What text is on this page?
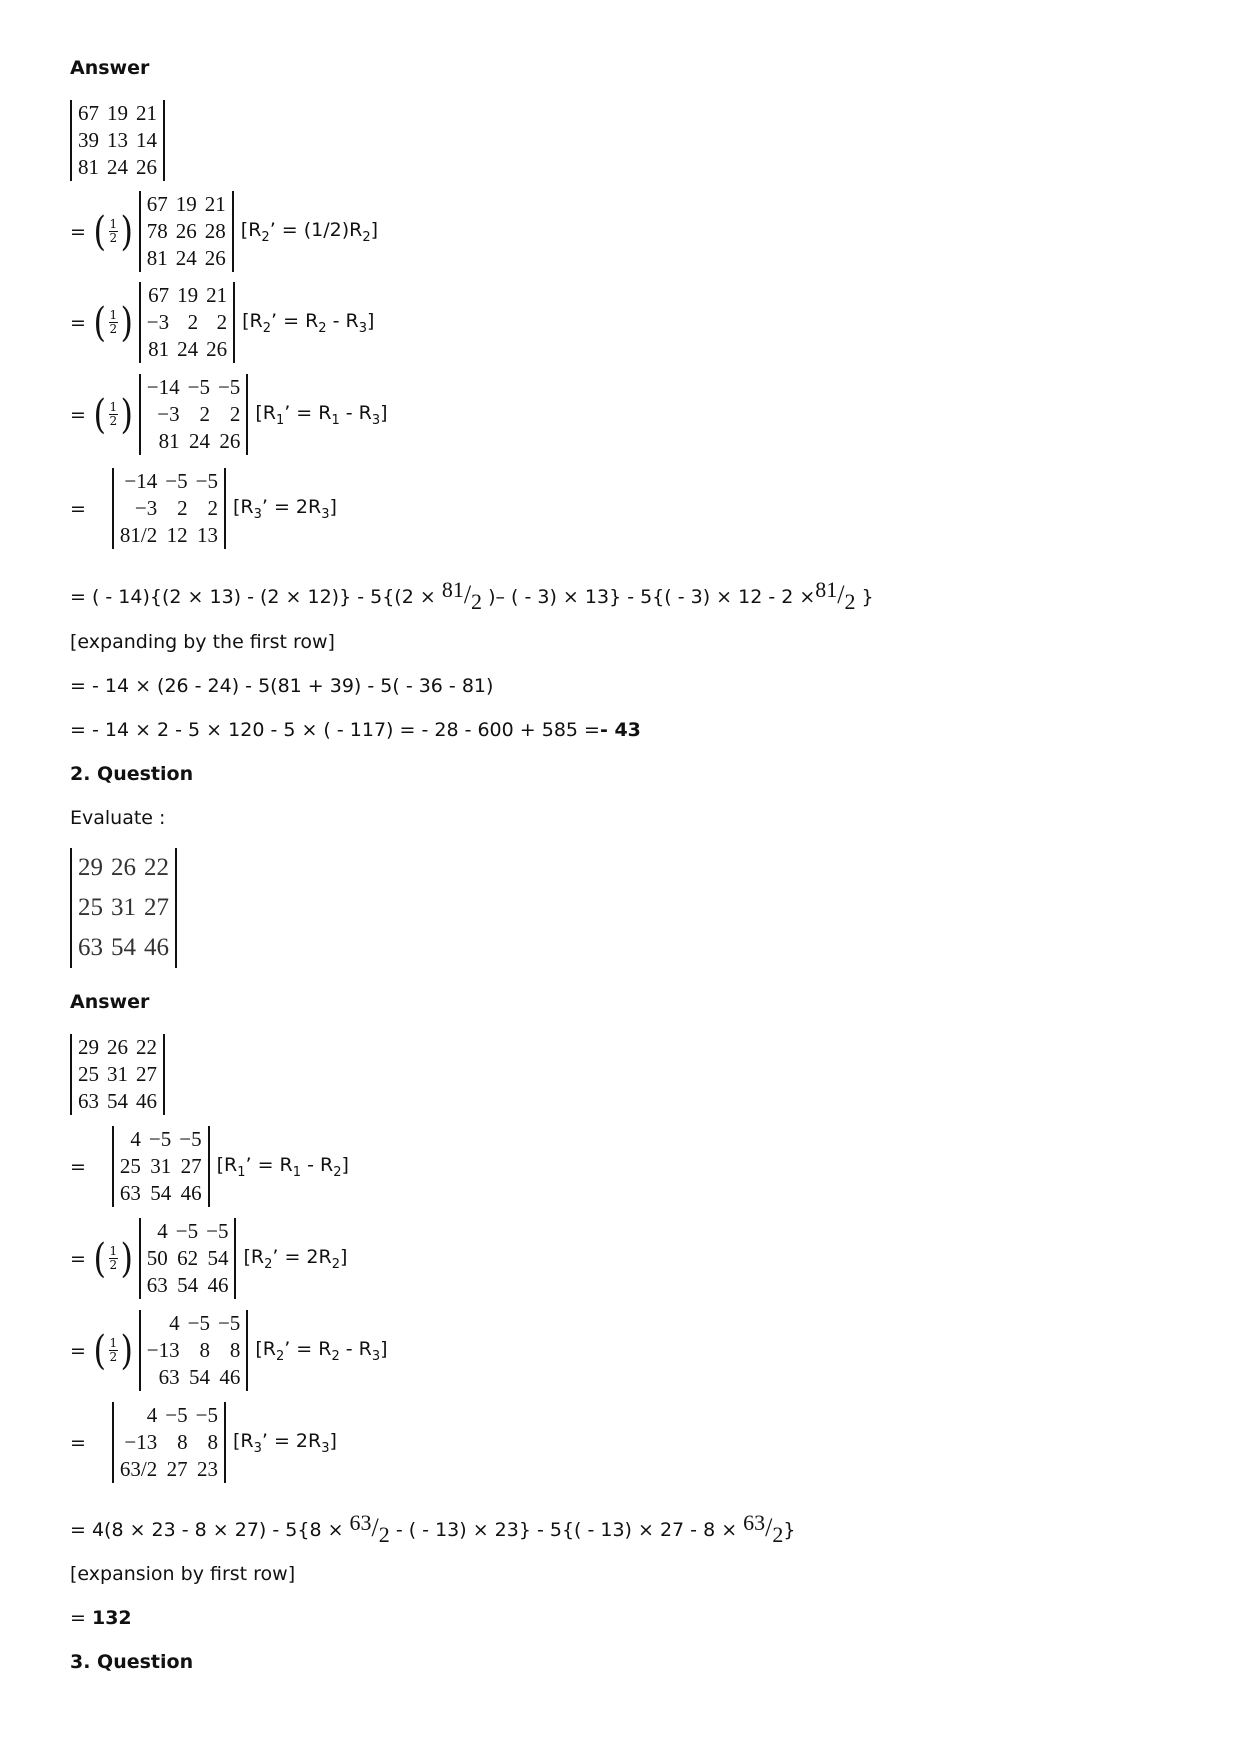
Answer
67	19	21
39	13	14
81	24	26
= ( $\frac{1}{2}$ )
67	19	21
78	26	28
81	24	26
[$R_2$’ = $(1/2)R_2$]
= ( $\frac{1}{2}$ )
67	19	21
−3	2	2
81	24	26
[$R_2$’ = $R_2 - R_3$]
= ( $\frac{1}{2}$ )
−14	−5	−5
−3	2	2
81	24	26
[$R_1$’ = $R_1 - R_3$]
=
−14	−5	−5
−3	2	2
81/2	12	13
[$R_3$’ = $2R_3$]
= ( - $14)\{(2 \times 13) - (2 \times 12)\} - 5\{(2 \times ^{81}/_2$ )– ( - $3) \times 13\} - 5\{( - 3) \times 12 - 2 \times^{81}/_2$ }
[expanding by the first row]
= - 14 × (26 - 24) - 5(81 + 39) - 5( - 36 - 81)
= - 14 × 2 - 5 × 120 - 5 × ( - 117) = - 28 - 600 + 585 =- 43
2. Question
Evaluate :
29	26	22
25	31	27
63	54	46
Answer
29	26	22
25	31	27
63	54	46
=
4	−5	−5
25	31	27
63	54	46
[$R_1$’ = $R_1 - R_2$]
= ( $\frac{1}{2}$ )
4	−5	−5
50	62	54
63	54	46
[$R_2$’ = $2R_2$]
= ( $\frac{1}{2}$ )
4	−5	−5
−13	8	8
63	54	46
[$R_2$’ = $R_2 - R_3$]
=
4	−5	−5
−13	8	8
63/2	27	23
[$R_3$’ = $2R_3$]
= $4(8 \times 23 - 8 \times 27) - 5\{8 \times ^{63}/_2$ - ( - $13) \times 23\} - 5\{( - 13) \times 27 - 8 \times ^{63}/_2\}$
[expansion by first row]
= 132
3. Question
